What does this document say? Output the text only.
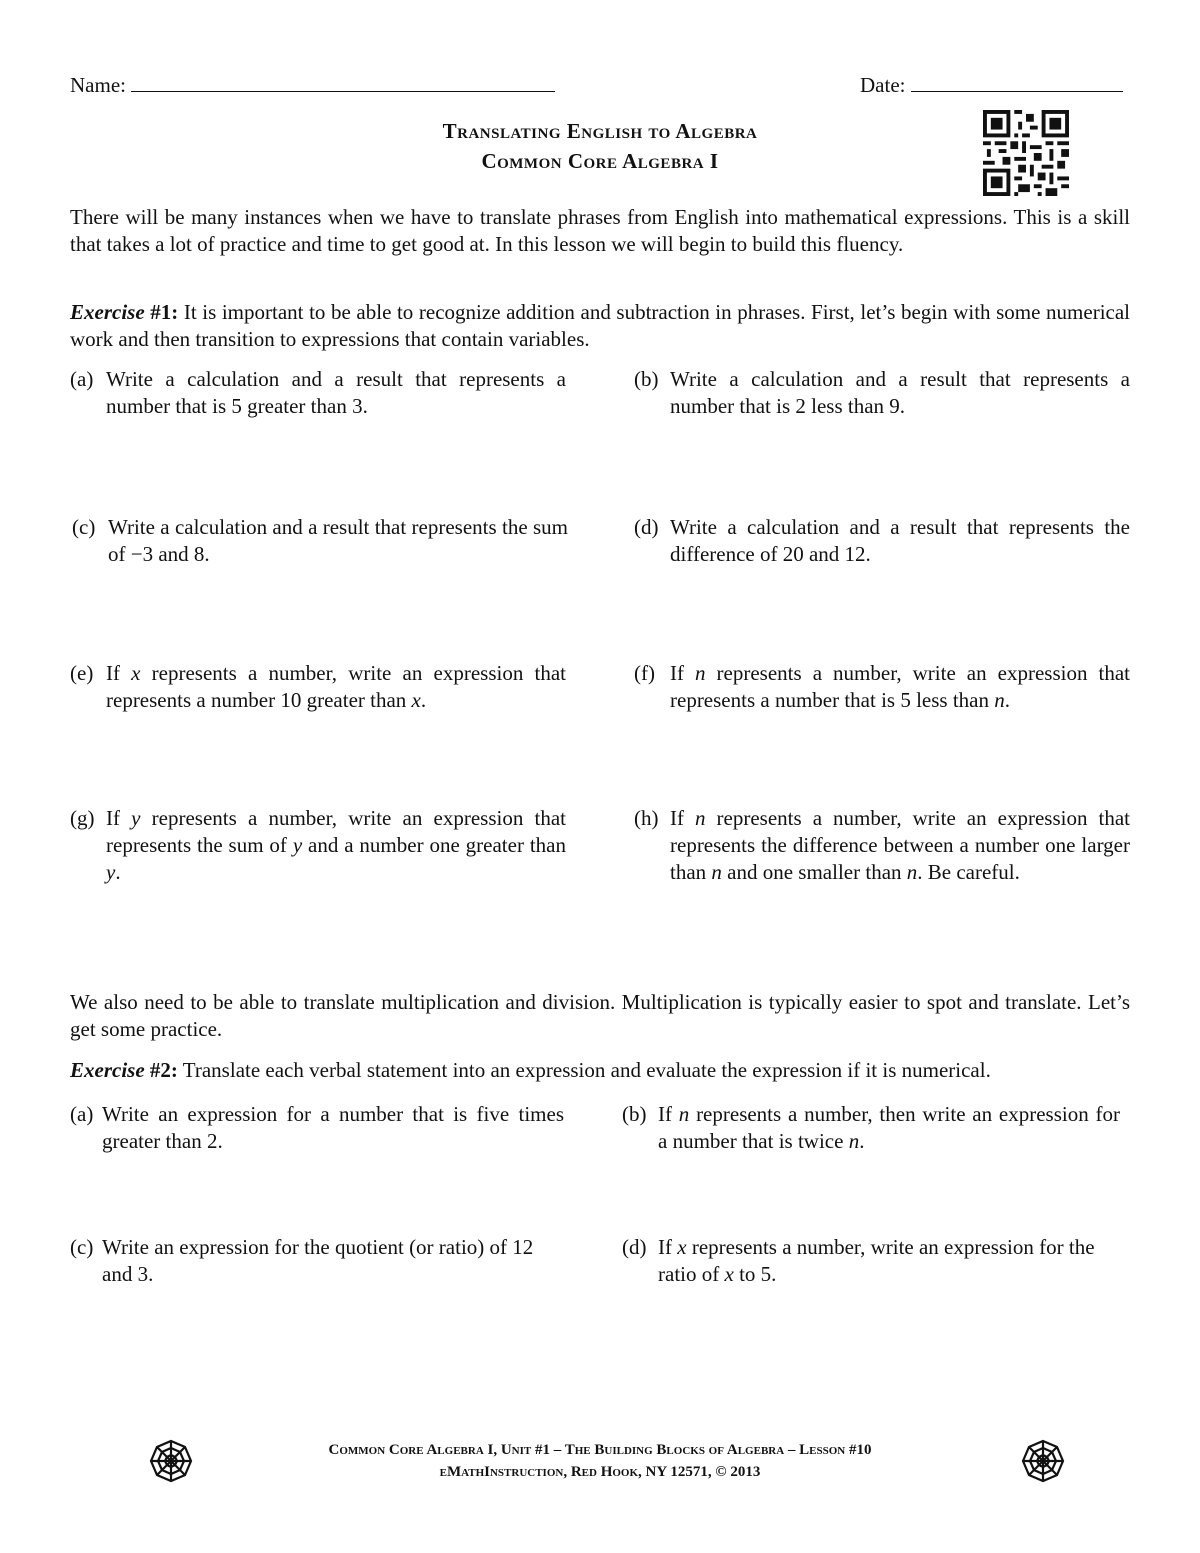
Name:	Date:
Translating English to Algebra
Common Core Algebra I
There will be many instances when we have to translate phrases from English into mathematical expressions. This is a skill that takes a lot of practice and time to get good at. In this lesson we will begin to build this fluency.
Exercise #1: It is important to be able to recognize addition and subtraction in phrases. First, let’s begin with some numerical work and then transition to expressions that contain variables.
(a) Write a calculation and a result that represents a number that is 5 greater than 3.
(b) Write a calculation and a result that represents a number that is 2 less than 9.
(c) Write a calculation and a result that represents the sum of −3 and 8.
(d) Write a calculation and a result that represents the difference of 20 and 12.
(e) If x represents a number, write an expression that represents a number 10 greater than x.
(f) If n represents a number, write an expression that represents a number that is 5 less than n.
(g) If y represents a number, write an expression that represents the sum of y and a number one greater than y.
(h) If n represents a number, write an expression that represents the difference between a number one larger than n and one smaller than n. Be careful.
We also need to be able to translate multiplication and division. Multiplication is typically easier to spot and translate. Let’s get some practice.
Exercise #2: Translate each verbal statement into an expression and evaluate the expression if it is numerical.
(a) Write an expression for a number that is five times greater than 2.
(b) If n represents a number, then write an expression for a number that is twice n.
(c) Write an expression for the quotient (or ratio) of 12 and 3.
(d) If x represents a number, write an expression for the ratio of x to 5.
Common Core Algebra I, Unit #1 – The Building Blocks of Algebra – Lesson #10
eMathInstruction, Red Hook, NY 12571, © 2013
